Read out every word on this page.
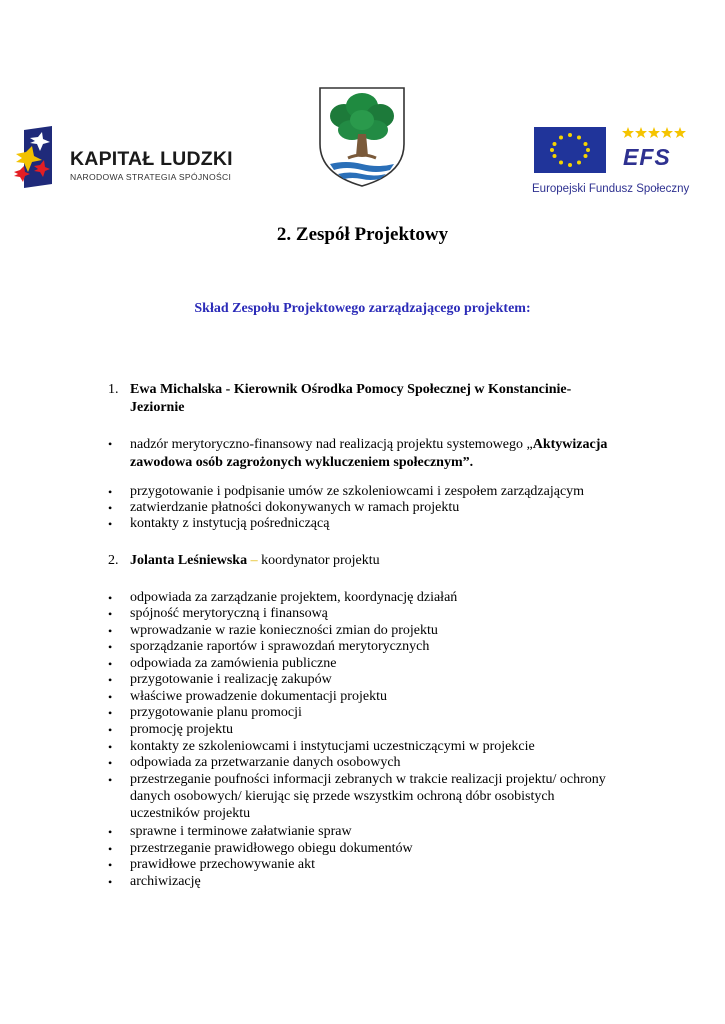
KAPITAŁ LUDZKI
NARODOWA STRATEGIA SPÓJNOŚCI
EFS
Europejski Fundusz Społeczny
2. Zespół Projektowy
Skład Zespołu Projektowego zarządzającego projektem:
1. Ewa Michalska - Kierownik Ośrodka Pomocy Społecznej w Konstancinie-
Jeziornie
• nadzór merytoryczno-finansowy nad realizacją projektu systemowego „Aktywizacja
zawodowa osób zagrożonych wykluczeniem społecznym”.
• przygotowanie i podpisanie umów ze szkoleniowcami i zespołem zarządzającym
• zatwierdzanie płatności dokonywanych w ramach projektu
• kontakty z instytucją pośredniczącą
2. Jolanta Leśniewska – koordynator projektu
• odpowiada za zarządzanie projektem, koordynację działań
• spójność merytoryczną i finansową
• wprowadzanie w razie konieczności zmian do projektu
• sporządzanie raportów i sprawozdań merytorycznych
• odpowiada za zamówienia publiczne
• przygotowanie i realizację zakupów
• właściwe prowadzenie dokumentacji projektu
• przygotowanie planu promocji
• promocję projektu
• kontakty ze szkoleniowcami i instytucjami uczestniczącymi w projekcie
• odpowiada za przetwarzanie danych osobowych
• przestrzeganie poufności informacji zebranych w trakcie realizacji projektu/ ochrony
danych osobowych/ kierując się przede wszystkim ochroną dóbr osobistych
uczestników projektu
• sprawne i terminowe załatwianie spraw
• przestrzeganie prawidłowego obiegu dokumentów
• prawidłowe przechowywanie akt
• archiwizację
